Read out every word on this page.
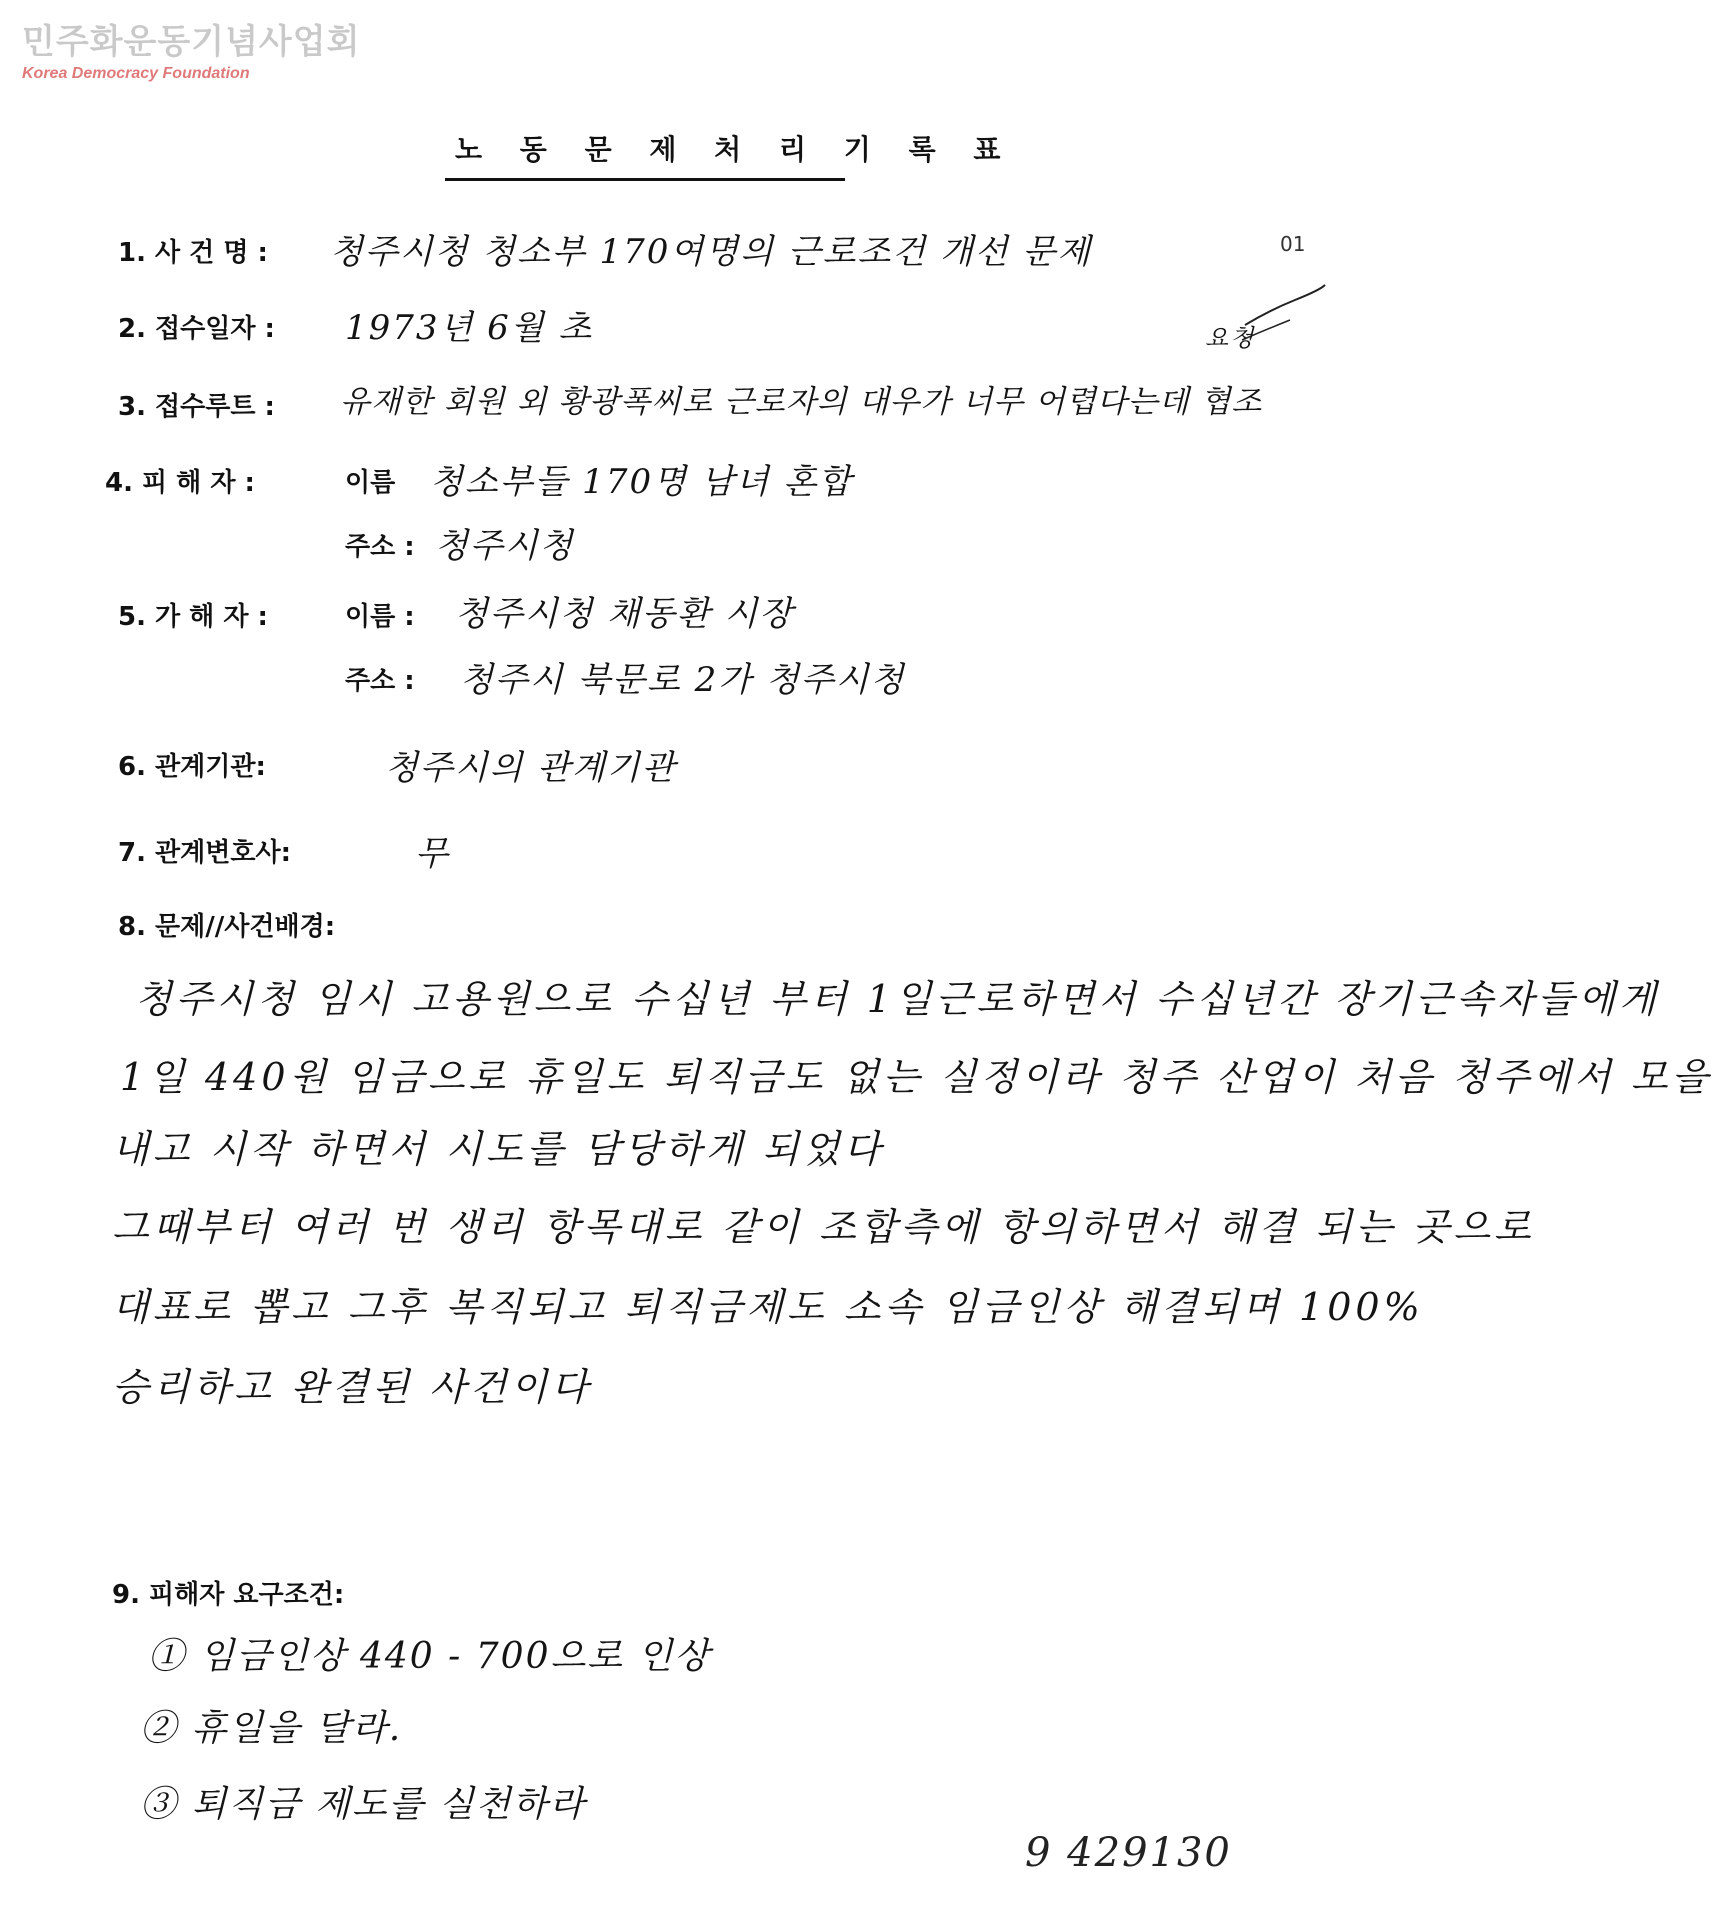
민주화운동기념사업회
Korea Democracy Foundation
노 동 문 제 처 리 기 록 표
01
요청
1. 사 건 명 : 청주시청 청소부 170여명의 근로조건 개선 문제
2. 접수일자 : 1973년 6월 초
3. 접수루트 : 유재한 회원 외 황광폭씨로 근로자의 대우가 너무 어렵다는데 협조
4. 피 해 자 :	이름 청소부들 170명 남녀 혼합
주소 : 청주시청
5. 가 해 자 :	이름 : 청주시청 채동환 시장
주소 : 청주시 북문로 2가 청주시청
6. 관계기관:	청주시의 관계기관
7. 관계변호사:	무
8. 문제//사건배경:
청주시청 임시 고용원으로 수십년 부터 1일근로하면서 수십년간 장기근속자들에게
1일 440원 임금으로 휴일도 퇴직금도 없는 실정이라 청주 산업이 처음 청주에서 모을
내고 시작 하면서 시도를 담당하게 되었다
그때부터 여러 번 생리 항목대로 같이 조합측에 항의하면서 해결 되는 곳으로
대표로 뽑고 그후 복직되고 퇴직금제도 소속 임금인상 해결되며 100%
승리하고 완결된 사건이다
9. 피해자 요구조건:
① 임금인상 440 - 700으로 인상
② 휴일을 달라.
③ 퇴직금 제도를 실천하라
9 429130
